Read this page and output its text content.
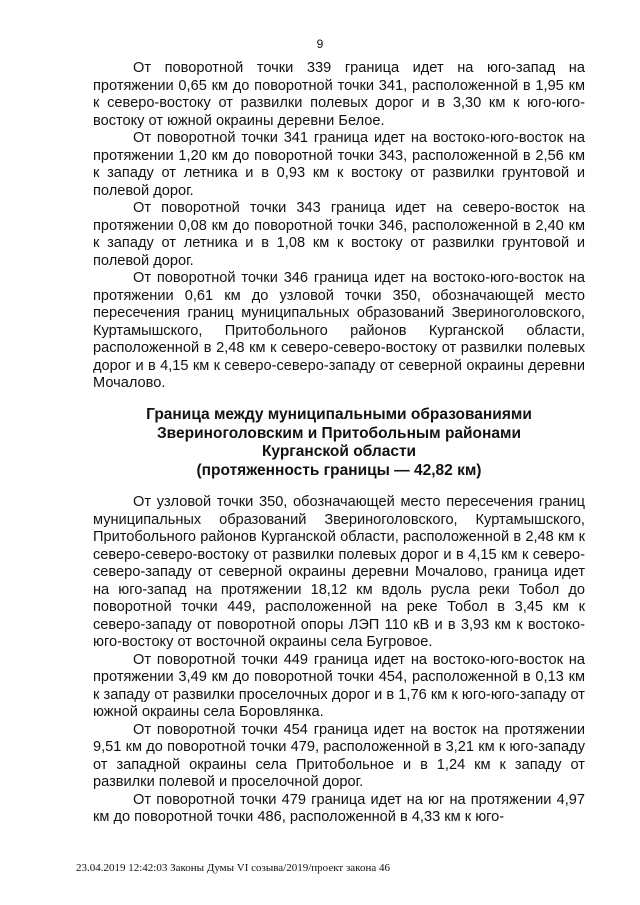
9

От поворотной точки 339 граница идет на юго-запад на протяжении 0,65 км до поворотной точки 341, расположенной в 1,95 км к северо-востоку от развилки полевых дорог и в 3,30 км к юго-юго-востоку от южной окраины деревни Белое.

От поворотной точки 341 граница идет на востоко-юго-восток на протяжении 1,20 км до поворотной точки 343, расположенной в 2,56 км к западу от летника и в 0,93 км к востоку от развилки грунтовой и полевой дорог.

От поворотной точки 343 граница идет на северо-восток на протяжении 0,08 км до поворотной точки 346, расположенной в 2,40 км к западу от летника и в 1,08 км к востоку от развилки грунтовой и полевой дорог.

От поворотной точки 346 граница идет на востоко-юго-восток на протяжении 0,61 км до узловой точки 350, обозначающей место пересечения границ муниципальных образований Звериноголовского, Куртамышского, Притобольного районов Курганской области, расположенной в 2,48 км к северо-северо-востоку от развилки полевых дорог и в 4,15 км к северо-северо-западу от северной окраины деревни Мочалово.

Граница между муниципальными образованиями
Звериноголовским и Притобольным районами
Курганской области
(протяженность границы — 42,82 км)

От узловой точки 350, обозначающей место пересечения границ муниципальных образований Звериноголовского, Куртамышского, Притобольного районов Курганской области, расположенной в 2,48 км к северо-северо-востоку от развилки полевых дорог и в 4,15 км к северо-северо-западу от северной окраины деревни Мочалово, граница идет на юго-запад на протяжении 18,12 км вдоль русла реки Тобол до поворотной точки 449, расположенной на реке Тобол в 3,45 км к северо-западу от поворотной опоры ЛЭП 110 кВ и в 3,93 км к востоко-юго-востоку от восточной окраины села Бугровое.

От поворотной точки 449 граница идет на востоко-юго-восток на протяжении 3,49 км до поворотной точки 454, расположенной в 0,13 км к западу от развилки проселочных дорог и в 1,76 км к юго-юго-западу от южной окраины села Боровлянка.

От поворотной точки 454 граница идет на восток на протяжении 9,51 км до поворотной точки 479, расположенной в 3,21 км к юго-западу от западной окраины села Притобольное и в 1,24 км к западу от развилки полевой и проселочной дорог.

От поворотной точки 479 граница идет на юг на протяжении 4,97 км до поворотной точки 486, расположенной в 4,33 км к юго-

23.04.2019 12:42:03 Законы Думы VI созыва/2019/проект закона 46
